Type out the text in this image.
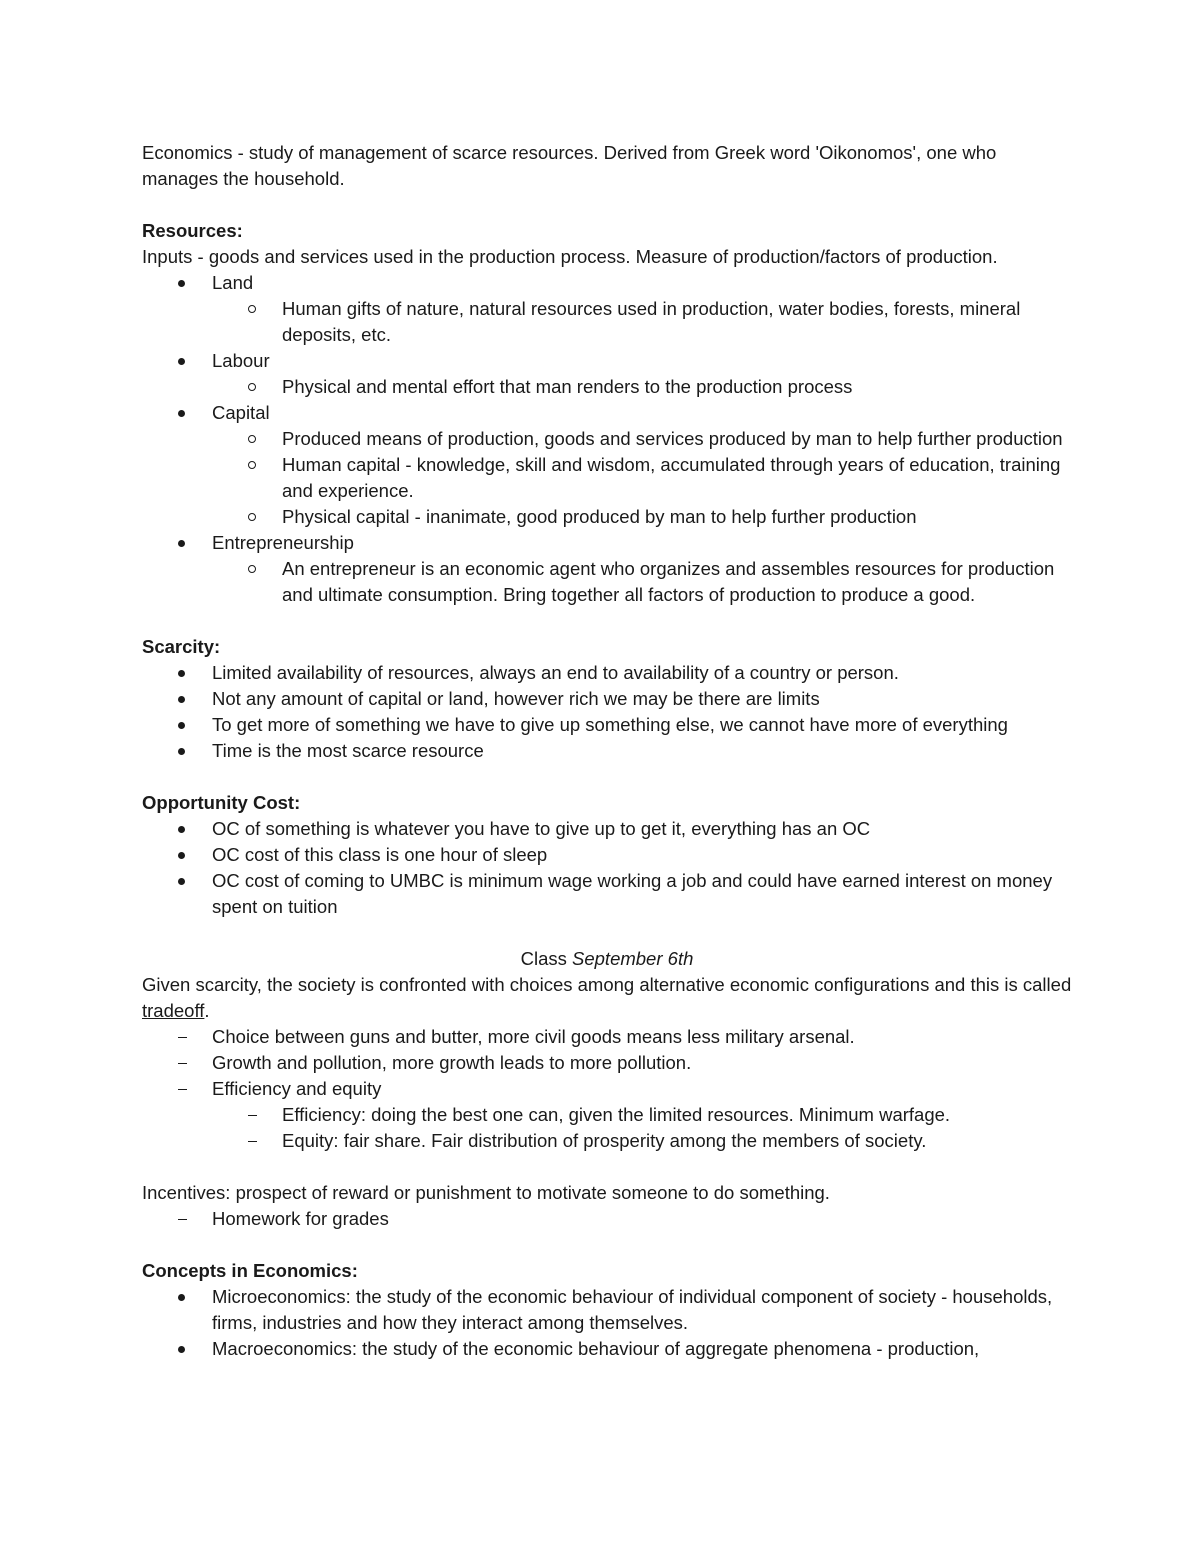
Economics - study of management of scarce resources. Derived from Greek word 'Oikonomos', one who manages the household.

Resources:

Inputs - goods and services used in the production process. Measure of production/factors of production.

Land
Human gifts of nature, natural resources used in production, water bodies, forests, mineral deposits, etc.
Labour
Physical and mental effort that man renders to the production process
Capital
Produced means of production, goods and services produced by man to help further production
Human capital - knowledge, skill and wisdom, accumulated through years of education, training and experience.
Physical capital - inanimate, good produced by man to help further production
Entrepreneurship
An entrepreneur is an economic agent who organizes and assembles resources for production and ultimate consumption. Bring together all factors of production to produce a good.

Scarcity:

Limited availability of resources, always an end to availability of a country or person.
Not any amount of capital or land, however rich we may be there are limits
To get more of something we have to give up something else, we cannot have more of everything
Time is the most scarce resource

Opportunity Cost:

OC of something is whatever you have to give up to get it, everything has an OC
OC cost of this class is one hour of sleep
OC cost of coming to UMBC is minimum wage working a job and could have earned interest on money spent on tuition

Class September 6th

Given scarcity, the society is confronted with choices among alternative economic configurations and this is called tradeoff.

Choice between guns and butter, more civil goods means less military arsenal.
Growth and pollution, more growth leads to more pollution.
Efficiency and equity
Efficiency: doing the best one can, given the limited resources. Minimum warfage.
Equity: fair share. Fair distribution of prosperity among the members of society.

Incentives: prospect of reward or punishment to motivate someone to do something.

Homework for grades

Concepts in Economics:

Microeconomics: the study of the economic behaviour of individual component of society - households, firms, industries and how they interact among themselves.
Macroeconomics: the study of the economic behaviour of aggregate phenomena - production,
